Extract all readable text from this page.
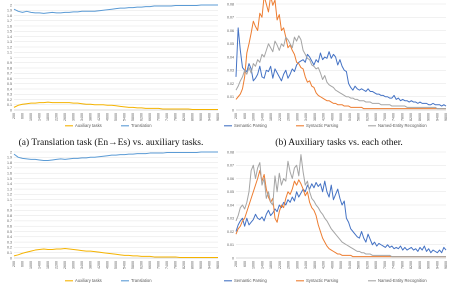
0
0.1
0.2
0.3
0.4
0.5
0.6
0.7
0.8
0.9
1
1.1
1.2
1.3
1.4
1.5
1.6
1.7
1.8
1.9
2
200 600 1000 1400 1800 2200 2600 3000 3400 3800 4200 4600 5000 5400 5800 6200 6600 7000 7400 7800 8200 8600 9000 9400 9800
Auxiliary tasks	Translation
0
0.01
0.02
0.03
0.04
0.05
0.06
0.07
0.08
200 600 1000 1400 1800 2200 2600 3000 3400 3800 4200 4600 5000 5400 5800 6200 6600 7000 7400 7800 8200 8600 9000 9400 9800
Semantic Parsing	Syntactic Parsing	Named-Entity Recognition
0
0.1
0.2
0.3
0.4
0.5
0.6
0.7
0.8
0.9
1
1.1
1.2
1.3
1.4
1.5
1.6
1.7
1.8
1.9
2
200 600 1000 1400 1800 2200 2600 3000 3400 3800 4200 4600 5000 5400 5800 6200 6600 7000 7400 7800 8200 8600 9000 9400 9800
Auxiliary tasks	Translation
0
0.01
0.02
0.03
0.04
0.05
0.06
0.07
0.08
200 600 1000 1400 1800 2200 2600 3000 3400 3800 4200 4600 5000 5400 5800 6200 6600 7000 7400 7800 8200 8600 9000 9400 9800
Semantic Parsing	Syntactic Parsing	Named-Entity Recognition
(a) Translation task (En→Es) vs. auxiliary tasks.	(b) Auxiliary tasks vs. each other.
